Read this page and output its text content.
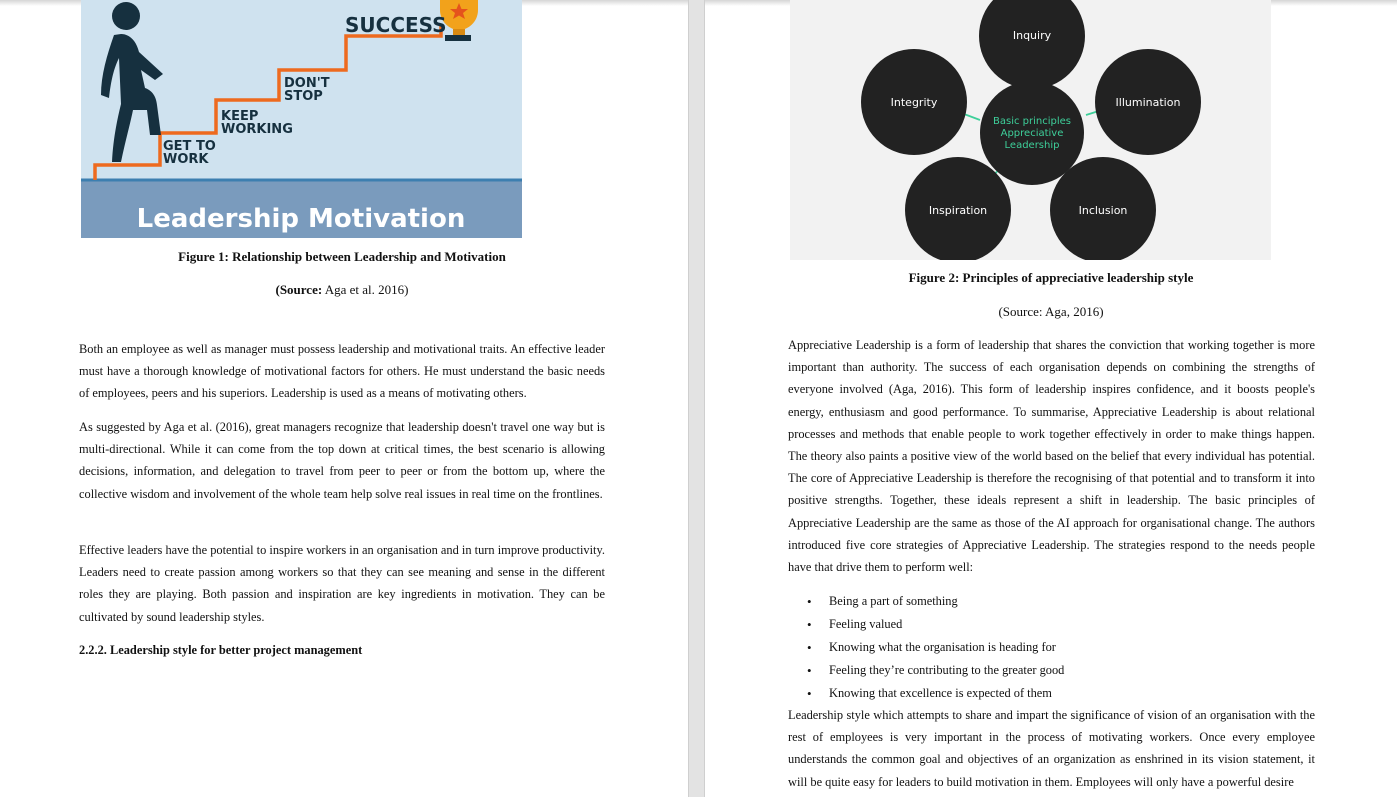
SUCCESS
DON'T
STOP
KEEP
WORKING
GET TO
WORK
Leadership Motivation
Figure 1: Relationship between Leadership and Motivation
(Source: Aga et al. 2016)

Both an employee as well as manager must possess leadership and motivational traits. An effective leader must have a thorough knowledge of motivational factors for others. He must understand the basic needs of employees, peers and his superiors. Leadership is used as a means of motivating others.

As suggested by Aga et al. (2016), great managers recognize that leadership doesn't travel one way but is multi-directional. While it can come from the top down at critical times, the best scenario is allowing decisions, information, and delegation to travel from peer to peer or from the bottom up, where the collective wisdom and involvement of the whole team help solve real issues in real time on the frontlines.

Effective leaders have the potential to inspire workers in an organisation and in turn improve productivity. Leaders need to create passion among workers so that they can see meaning and sense in the different roles they are playing. Both passion and inspiration are key ingredients in motivation. They can be cultivated by sound leadership styles.

2.2.2. Leadership style for better project management

Basic principles
Appreciative
Leadership
Inquiry
Illumination
Inclusion
Inspiration
Integrity
Figure 2: Principles of appreciative leadership style
(Source: Aga, 2016)

Appreciative Leadership is a form of leadership that shares the conviction that working together is more important than authority. The success of each organisation depends on combining the strengths of everyone involved (Aga, 2016). This form of leadership inspires confidence, and it boosts people's energy, enthusiasm and good performance. To summarise, Appreciative Leadership is about relational processes and methods that enable people to work together effectively in order to make things happen. The theory also paints a positive view of the world based on the belief that every individual has potential. The core of Appreciative Leadership is therefore the recognising of that potential and to transform it into positive strengths. Together, these ideals represent a shift in leadership. The basic principles of Appreciative Leadership are the same as those of the AI approach for organisational change. The authors introduced five core strategies of Appreciative Leadership. The strategies respond to the needs people have that drive them to perform well:

• Being a part of something
• Feeling valued
• Knowing what the organisation is heading for
• Feeling they’re contributing to the greater good
• Knowing that excellence is expected of them

Leadership style which attempts to share and impart the significance of vision of an organisation with the rest of employees is very important in the process of motivating workers. Once every employee understands the common goal and objectives of an organization as enshrined in its vision statement, it will be quite easy for leaders to build motivation in them. Employees will only have a powerful desire
